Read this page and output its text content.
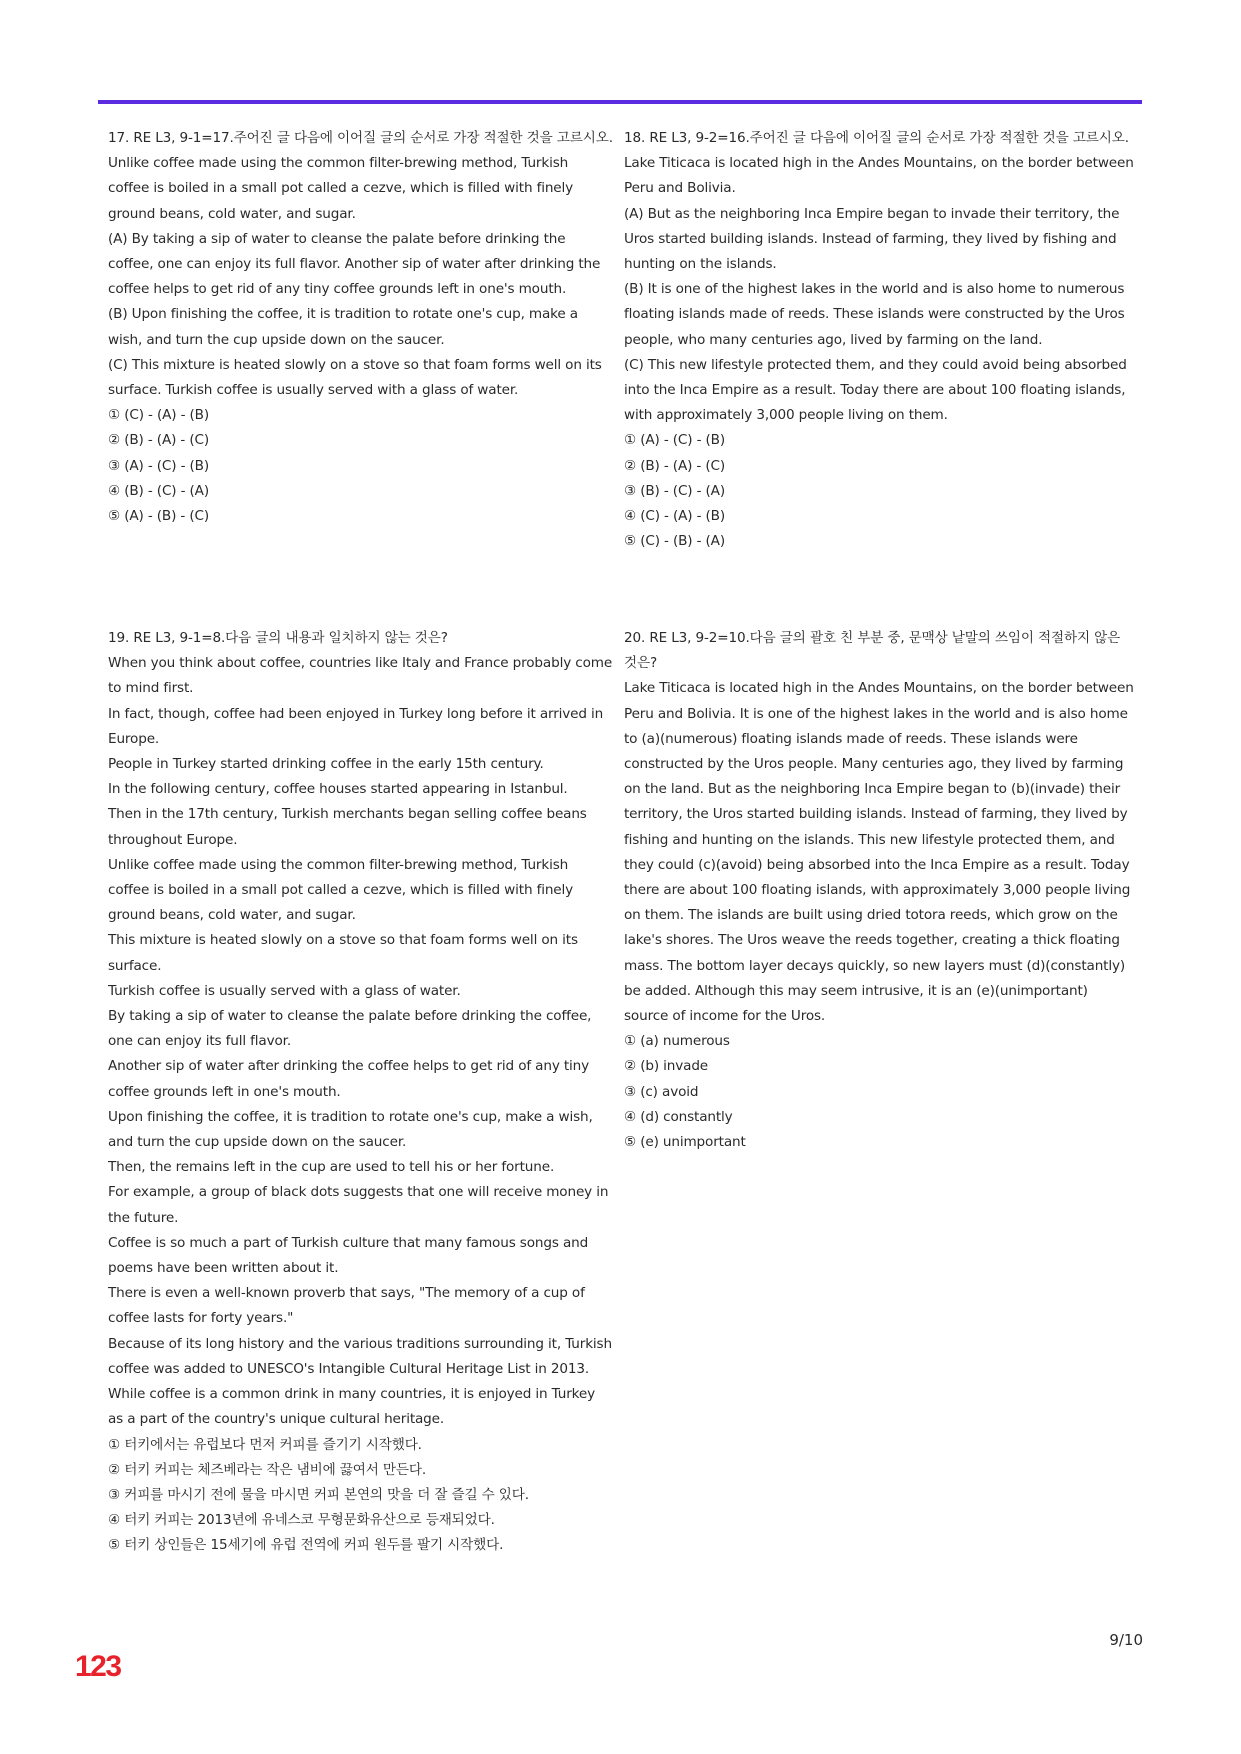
17. RE L3, 9-1=17.주어진 글 다음에 이어질 글의 순서로 가장 적절한 것을 고르시오.

Unlike coffee made using the common filter-brewing method, Turkish coffee is boiled in a small pot called a cezve, which is filled with finely ground beans, cold water, and sugar.

(A) By taking a sip of water to cleanse the palate before drinking the coffee, one can enjoy its full flavor. Another sip of water after drinking the coffee helps to get rid of any tiny coffee grounds left in one's mouth.

(B) Upon finishing the coffee, it is tradition to rotate one's cup, make a wish, and turn the cup upside down on the saucer.

(C) This mixture is heated slowly on a stove so that foam forms well on its surface. Turkish coffee is usually served with a glass of water.

① (C) - (A) - (B)
② (B) - (A) - (C)
③ (A) - (C) - (B)
④ (B) - (C) - (A)
⑤ (A) - (B) - (C)

18. RE L3, 9-2=16.주어진 글 다음에 이어질 글의 순서로 가장 적절한 것을 고르시오.

Lake Titicaca is located high in the Andes Mountains, on the border between Peru and Bolivia.

(A) But as the neighboring Inca Empire began to invade their territory, the Uros started building islands. Instead of farming, they lived by fishing and hunting on the islands.

(B) It is one of the highest lakes in the world and is also home to numerous floating islands made of reeds. These islands were constructed by the Uros people, who many centuries ago, lived by farming on the land.

(C) This new lifestyle protected them, and they could avoid being absorbed into the Inca Empire as a result. Today there are about 100 floating islands, with approximately 3,000 people living on them.

① (A) - (C) - (B)
② (B) - (A) - (C)
③ (B) - (C) - (A)
④ (C) - (A) - (B)
⑤ (C) - (B) - (A)

19. RE L3, 9-1=8.다음 글의 내용과 일치하지 않는 것은?

When you think about coffee, countries like Italy and France probably come to mind first.

In fact, though, coffee had been enjoyed in Turkey long before it arrived in Europe.

People in Turkey started drinking coffee in the early 15th century.

In the following century, coffee houses started appearing in Istanbul.

Then in the 17th century, Turkish merchants began selling coffee beans throughout Europe.

Unlike coffee made using the common filter-brewing method, Turkish coffee is boiled in a small pot called a cezve, which is filled with finely ground beans, cold water, and sugar.

This mixture is heated slowly on a stove so that foam forms well on its surface.

Turkish coffee is usually served with a glass of water.

By taking a sip of water to cleanse the palate before drinking the coffee, one can enjoy its full flavor.

Another sip of water after drinking the coffee helps to get rid of any tiny coffee grounds left in one's mouth.

Upon finishing the coffee, it is tradition to rotate one's cup, make a wish, and turn the cup upside down on the saucer.

Then, the remains left in the cup are used to tell his or her fortune.

For example, a group of black dots suggests that one will receive money in the future.

Coffee is so much a part of Turkish culture that many famous songs and poems have been written about it.

There is even a well-known proverb that says, "The memory of a cup of coffee lasts for forty years."

Because of its long history and the various traditions surrounding it, Turkish coffee was added to UNESCO's Intangible Cultural Heritage List in 2013.

While coffee is a common drink in many countries, it is enjoyed in Turkey as a part of the country's unique cultural heritage.

① 터키에서는 유럽보다 먼저 커피를 즐기기 시작했다.
② 터키 커피는 체즈베라는 작은 냄비에 끓여서 만든다.
③ 커피를 마시기 전에 물을 마시면 커피 본연의 맛을 더 잘 즐길 수 있다.
④ 터키 커피는 2013년에 유네스코 무형문화유산으로 등재되었다.
⑤ 터키 상인들은 15세기에 유럽 전역에 커피 원두를 팔기 시작했다.

20. RE L3, 9-2=10.다음 글의 괄호 친 부분 중, 문맥상 낱말의 쓰임이 적절하지 않은 것은?

Lake Titicaca is located high in the Andes Mountains, on the border between Peru and Bolivia. It is one of the highest lakes in the world and is also home to (a)(numerous) floating islands made of reeds. These islands were constructed by the Uros people. Many centuries ago, they lived by farming on the land. But as the neighboring Inca Empire began to (b)(invade) their territory, the Uros started building islands. Instead of farming, they lived by fishing and hunting on the islands. This new lifestyle protected them, and they could (c)(avoid) being absorbed into the Inca Empire as a result. Today there are about 100 floating islands, with approximately 3,000 people living on them. The islands are built using dried totora reeds, which grow on the lake's shores. The Uros weave the reeds together, creating a thick floating mass. The bottom layer decays quickly, so new layers must (d)(constantly) be added. Although this may seem intrusive, it is an (e)(unimportant) source of income for the Uros.

① (a) numerous
② (b) invade
③ (c) avoid
④ (d) constantly
⑤ (e) unimportant
9/10
123
